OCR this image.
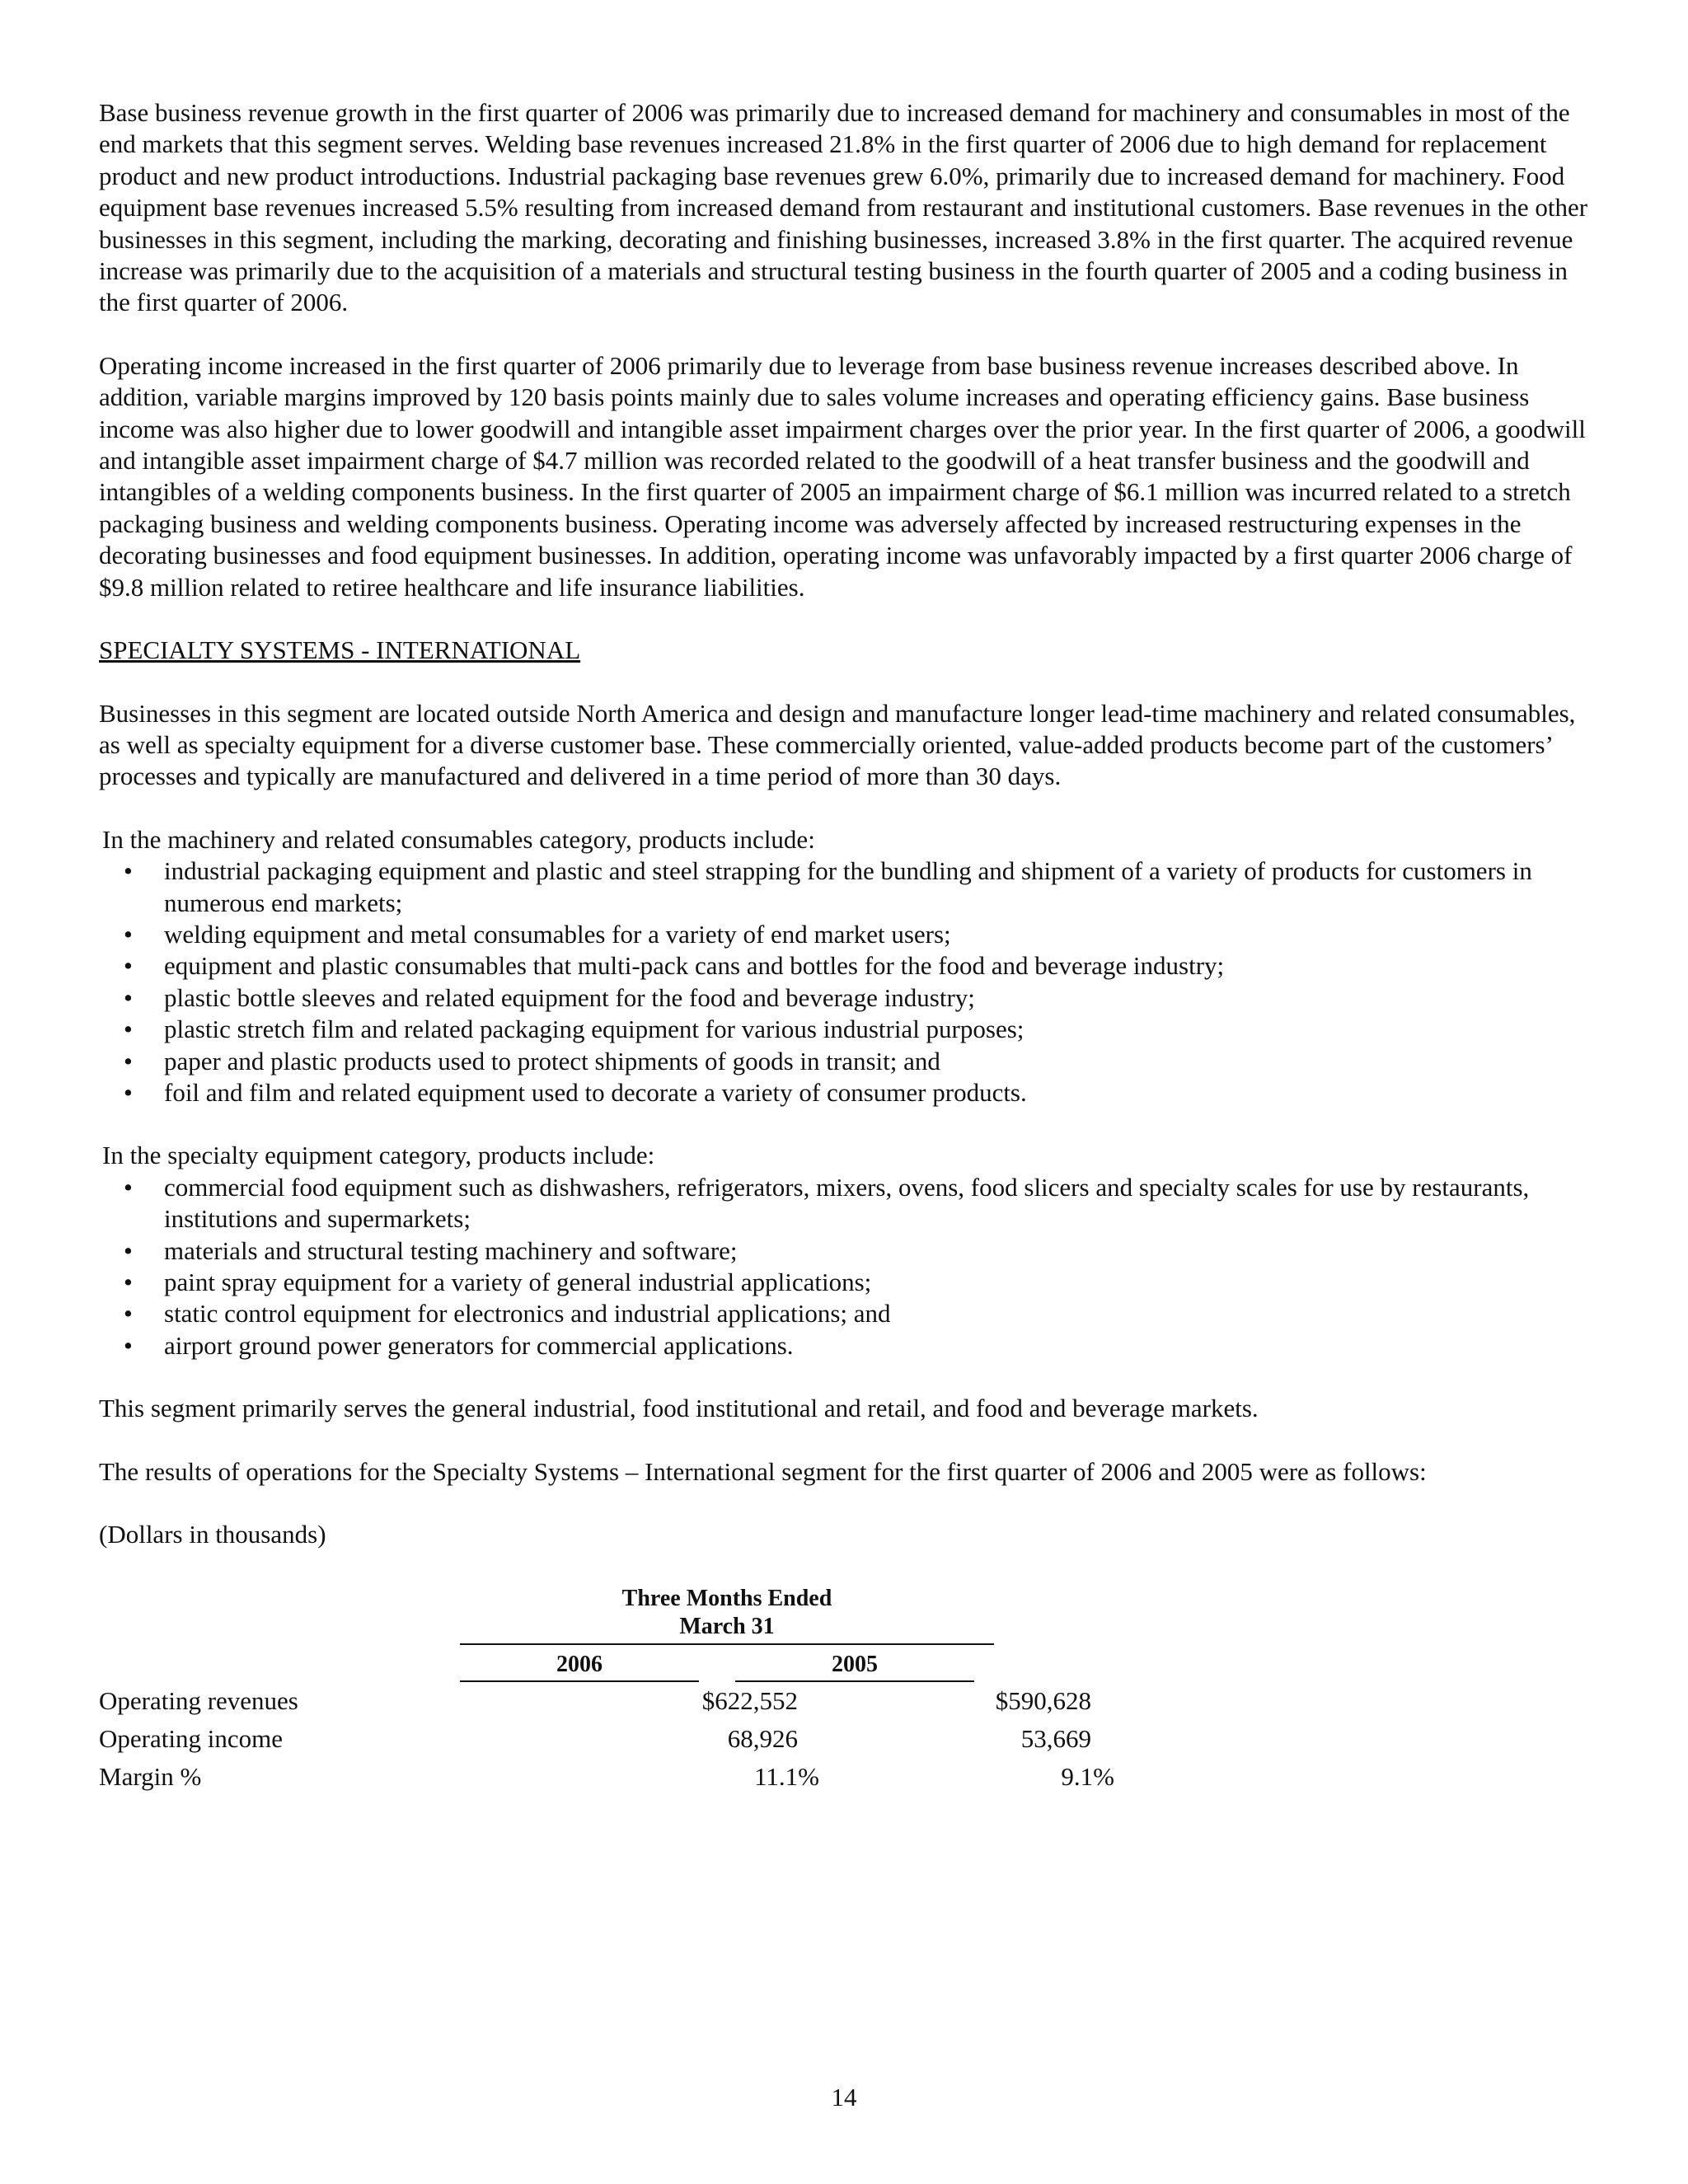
Base business revenue growth in the first quarter of 2006 was primarily due to increased demand for machinery and consumables in most of the end markets that this segment serves. Welding base revenues increased 21.8% in the first quarter of 2006 due to high demand for replacement product and new product introductions. Industrial packaging base revenues grew 6.0%, primarily due to increased demand for machinery. Food equipment base revenues increased 5.5% resulting from increased demand from restaurant and institutional customers. Base revenues in the other businesses in this segment, including the marking, decorating and finishing businesses, increased 3.8% in the first quarter. The acquired revenue increase was primarily due to the acquisition of a materials and structural testing business in the fourth quarter of 2005 and a coding business in the first quarter of 2006.

Operating income increased in the first quarter of 2006 primarily due to leverage from base business revenue increases described above. In addition, variable margins improved by 120 basis points mainly due to sales volume increases and operating efficiency gains. Base business income was also higher due to lower goodwill and intangible asset impairment charges over the prior year. In the first quarter of 2006, a goodwill and intangible asset impairment charge of $4.7 million was recorded related to the goodwill of a heat transfer business and the goodwill and intangibles of a welding components business. In the first quarter of 2005 an impairment charge of $6.1 million was incurred related to a stretch packaging business and welding components business. Operating income was adversely affected by increased restructuring expenses in the decorating businesses and food equipment businesses. In addition, operating income was unfavorably impacted by a first quarter 2006 charge of $9.8 million related to retiree healthcare and life insurance liabilities.

SPECIALTY SYSTEMS - INTERNATIONAL

Businesses in this segment are located outside North America and design and manufacture longer lead-time machinery and related consumables, as well as specialty equipment for a diverse customer base. These commercially oriented, value-added products become part of the customers’ processes and typically are manufactured and delivered in a time period of more than 30 days.

In the machinery and related consumables category, products include:

• industrial packaging equipment and plastic and steel strapping for the bundling and shipment of a variety of products for customers in numerous end markets;
• welding equipment and metal consumables for a variety of end market users;
• equipment and plastic consumables that multi-pack cans and bottles for the food and beverage industry;
• plastic bottle sleeves and related equipment for the food and beverage industry;
• plastic stretch film and related packaging equipment for various industrial purposes;
• paper and plastic products used to protect shipments of goods in transit; and
• foil and film and related equipment used to decorate a variety of consumer products.

In the specialty equipment category, products include:

• commercial food equipment such as dishwashers, refrigerators, mixers, ovens, food slicers and specialty scales for use by restaurants, institutions and supermarkets;
• materials and structural testing machinery and software;
• paint spray equipment for a variety of general industrial applications;
• static control equipment for electronics and industrial applications; and
• airport ground power generators for commercial applications.

This segment primarily serves the general industrial, food institutional and retail, and food and beverage markets.

The results of operations for the Specialty Systems – International segment for the first quarter of 2006 and 2005 were as follows:

(Dollars in thousands)

Three Months Ended
March 31
2006	2005
Operating revenues	$622,552	$590,628
Operating income	68,926	53,669
Margin %	11.1%	9.1%
14
